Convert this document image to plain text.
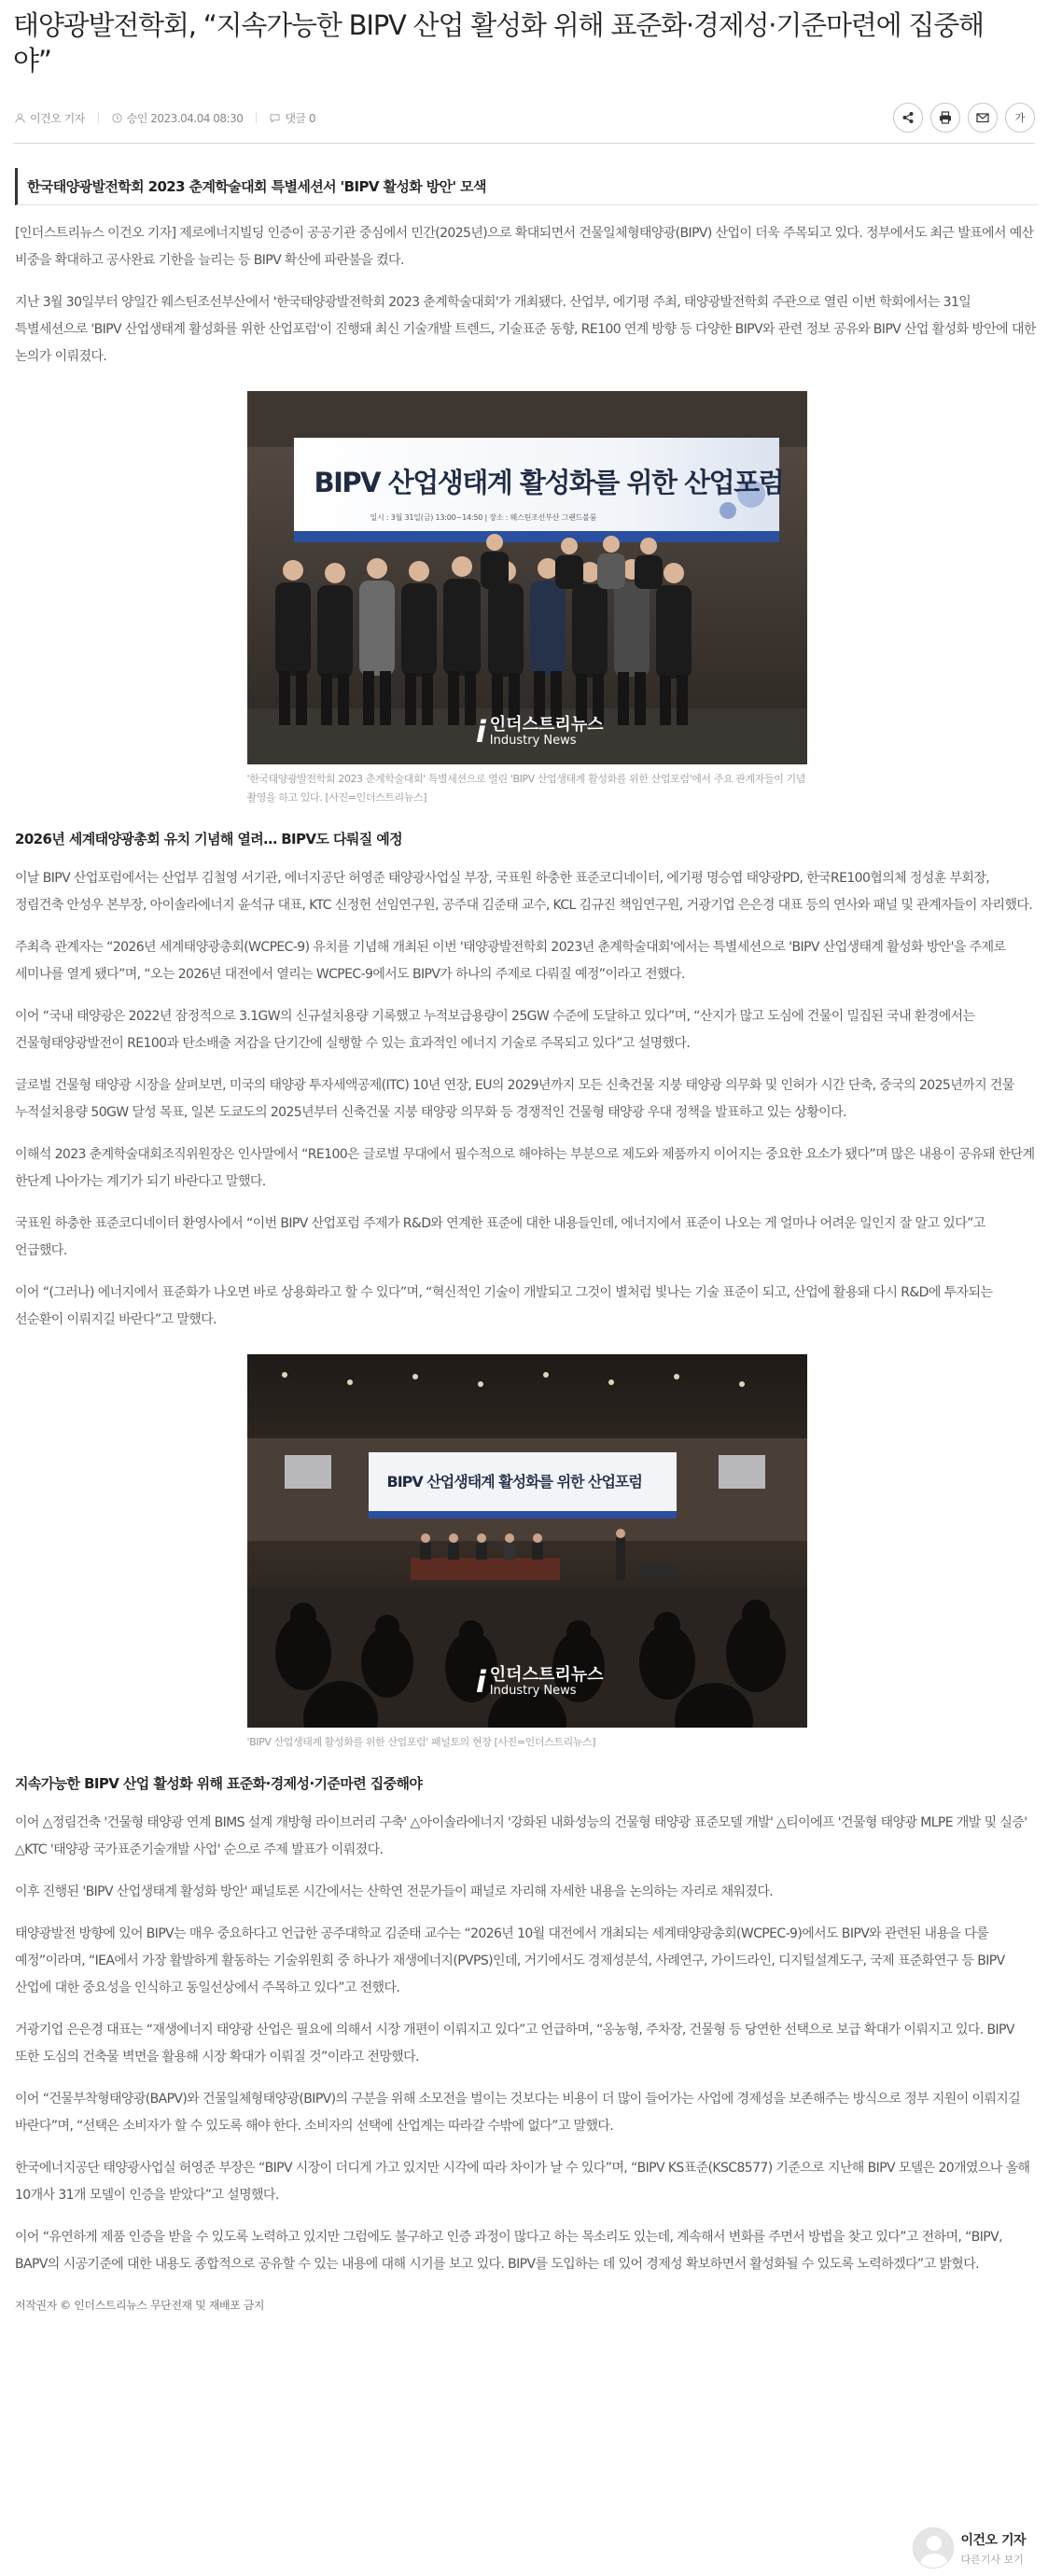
태양광발전학회, “지속가능한 BIPV 산업 활성화 위해 표준화·경제성·기준마련에 집중해야”
이건오 기자	승인 2023.04.04 08:30	댓글 0	가
한국태양광발전학회 2023 춘계학술대회 특별세션서 'BIPV 활성화 방안' 모색

[인더스트리뉴스 이건오 기자] 제로에너지빌딩 인증이 공공기관 중심에서 민간(2025년)으로 확대되면서 건물일체형태양광(BIPV) 산업이 더욱 주목되고 있다. 정부에서도 최근 발표에서 예산 비중을 확대하고 공사완료 기한을 늘리는 등 BIPV 확산에 파란불을 켰다.

지난 3월 30일부터 양일간 웨스틴조선부산에서 '한국태양광발전학회 2023 춘계학술대회'가 개최됐다. 산업부, 에기평 주최, 태양광발전학회 주관으로 열린 이번 학회에서는 31일 특별세션으로 'BIPV 산업생태계 활성화를 위한 산업포럼'이 진행돼 최신 기술개발 트렌드, 기술표준 동향, RE100 연계 방향 등 다양한 BIPV와 관련 정보 공유와 BIPV 산업 활성화 방안에 대한 논의가 이뤄졌다.

BIPV 산업생태계 활성화를 위한 산업포럼
일시 : 3월 31일(금) 13:00~14:50 | 장소 : 웨스틴조선부산 그랜드볼룸
i 인더스트리뉴스
Industry News
'한국태양광발전학회 2023 춘계학술대회' 특별세션으로 열린 'BIPV 산업생태계 활성화를 위한 산업포럼'에서 주요 관계자들이 기념촬영을 하고 있다. [사진=인더스트리뉴스]
2026년 세계태양광총회 유치 기념해 열려… BIPV도 다뤄질 예정

이날 BIPV 산업포럼에서는 산업부 김철영 서기관, 에너지공단 허영준 태양광사업실 부장, 국표원 하충한 표준코디네이터, 에기평 명승엽 태양광PD, 한국RE100협의체 정성훈 부회장, 정림건축 안성우 본부장, 아이솔라에너지 윤석규 대표, KTC 신정헌 선임연구원, 공주대 김준태 교수, KCL 김규진 책임연구원, 거광기업 은은경 대표 등의 연사와 패널 및 관계자들이 자리했다.

주최측 관계자는 “2026년 세계태양광총회(WCPEC-9) 유치를 기념해 개최된 이번 '태양광발전학회 2023년 춘계학술대회'에서는 특별세션으로 'BIPV 산업생태계 활성화 방안'을 주제로 세미나를 열게 됐다”며, “오는 2026년 대전에서 열리는 WCPEC-9에서도 BIPV가 하나의 주제로 다뤄질 예정”이라고 전했다.

이어 “국내 태양광은 2022년 잠정적으로 3.1GW의 신규설치용량 기록했고 누적보급용량이 25GW 수준에 도달하고 있다”며, “산지가 많고 도심에 건물이 밀집된 국내 환경에서는 건물형태양광발전이 RE100과 탄소배출 저감을 단기간에 실행할 수 있는 효과적인 에너지 기술로 주목되고 있다”고 설명했다.

글로벌 건물형 태양광 시장을 살펴보면, 미국의 태양광 투자세액공제(ITC) 10년 연장, EU의 2029년까지 모든 신축건물 지붕 태양광 의무화 및 인허가 시간 단축, 중국의 2025년까지 건물 누적설치용량 50GW 달성 목표, 일본 도쿄도의 2025년부터 신축건물 지붕 태양광 의무화 등 경쟁적인 건물형 태양광 우대 정책을 발표하고 있는 상황이다.

이해석 2023 춘계학술대회조직위원장은 인사말에서 “RE100은 글로벌 무대에서 필수적으로 해야하는 부분으로 제도와 제품까지 이어지는 중요한 요소가 됐다”며 많은 내용이 공유돼 한단계 한단계 나아가는 계기가 되기 바란다고 말했다.

국표원 하충한 표준코디네이터 환영사에서 “이번 BIPV 산업포럼 주제가 R&D와 연계한 표준에 대한 내용들인데, 에너지에서 표준이 나오는 게 얼마나 어려운 일인지 잘 알고 있다”고 언급했다.

이어 “(그러나) 에너지에서 표준화가 나오면 바로 상용화라고 할 수 있다”며, “혁신적인 기술이 개발되고 그것이 별처럼 빛나는 기술 표준이 되고, 산업에 활용돼 다시 R&D에 투자되는 선순환이 이뤄지길 바란다”고 말했다.

BIPV 산업생태계 활성화를 위한 산업포럼
i 인더스트리뉴스
Industry News
'BIPV 산업생태계 활성화를 위한 산업포럼' 패널토의 현장 [사진=인더스트리뉴스]
지속가능한 BIPV 산업 활성화 위해 표준화·경제성·기준마련 집중해야

이어 △정림건축 '건물형 태양광 연계 BIMS 설계 개방형 라이브러리 구축' △아이솔라에너지 '강화된 내화성능의 건물형 태양광 표준모델 개발' △티이에프 '건물형 태양광 MLPE 개발 및 실증' △KTC '태양광 국가표준기술개발 사업' 순으로 주제 발표가 이뤄졌다.

이후 진행된 'BIPV 산업생태계 활성화 방안' 패널토론 시간에서는 산학연 전문가들이 패널로 자리해 자세한 내용을 논의하는 자리로 채워졌다.

태양광발전 방향에 있어 BIPV는 매우 중요하다고 언급한 공주대학교 김준태 교수는 “2026년 10월 대전에서 개최되는 세계태양광총회(WCPEC-9)에서도 BIPV와 관련된 내용을 다룰 예정”이라며, “IEA에서 가장 활발하게 활동하는 기술위원회 중 하나가 재생에너지(PVPS)인데, 거기에서도 경제성분석, 사례연구, 가이드라인, 디지털설계도구, 국제 표준화연구 등 BIPV 산업에 대한 중요성을 인식하고 동일선상에서 주목하고 있다”고 전했다.

거광기업 은은경 대표는 “재생에너지 태양광 산업은 필요에 의해서 시장 개편이 이뤄지고 있다”고 언급하며, “옹농형, 주차장, 건물형 등 당연한 선택으로 보급 확대가 이뤄지고 있다. BIPV 또한 도심의 건축물 벽면을 활용해 시장 확대가 이뤄질 것”이라고 전망했다.

이어 “건물부착형태양광(BAPV)와 건물일체형태양광(BIPV)의 구분을 위해 소모전을 벌이는 것보다는 비용이 더 많이 들어가는 사업에 경제성을 보존해주는 방식으로 정부 지원이 이뤄지길 바란다”며, “선택은 소비자가 할 수 있도록 해야 한다. 소비자의 선택에 산업계는 따라갈 수밖에 없다”고 말했다.

한국에너지공단 태양광사업실 허영준 부장은 “BIPV 시장이 더디게 가고 있지만 시각에 따라 차이가 날 수 있다”며, “BIPV KS표준(KSC8577) 기준으로 지난해 BIPV 모델은 20개였으나 올해 10개사 31개 모델이 인증을 받았다”고 설명했다.

이어 “유연하게 제품 인증을 받을 수 있도록 노력하고 있지만 그럼에도 불구하고 인증 과정이 많다고 하는 목소리도 있는데, 계속해서 변화를 주면서 방법을 찾고 있다”고 전하며, “BIPV, BAPV의 시공기준에 대한 내용도 종합적으로 공유할 수 있는 내용에 대해 시기를 보고 있다. BIPV를 도입하는 데 있어 경제성 확보하면서 활성화될 수 있도록 노력하겠다”고 밝혔다.

저작권자 © 인더스트리뉴스 무단전재 및 재배포 금지
이건오 기자
다른기사 보기
